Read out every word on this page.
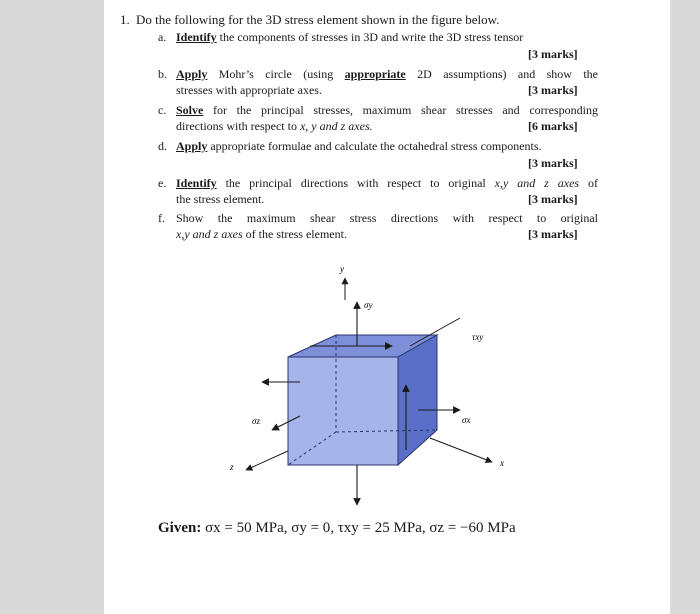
1. Do the following for the 3D stress element shown in the figure below.
a. Identify the components of stresses in 3D and write the 3D stress tensor
[3 marks]
b. Apply Mohr’s circle (using appropriate 2D assumptions) and show the
stresses with appropriate axes.	[3 marks]
c. Solve for the principal stresses, maximum shear stresses and corresponding
directions with respect to x, y and z axes.	[6 marks]
d. Apply appropriate formulae and calculate the octahedral stress components.
[3 marks]
e. Identify the principal directions with respect to original x,y and z axes of
the stress element.	[3 marks]
f. Show the maximum shear stress directions with respect to original
x,y and z axes of the stress element.	[3 marks]
y
x
z
σy
σx
σz
τxy
Given: σx = 50 MPa, σy = 0, τxy = 25 MPa, σz = −60 MPa
